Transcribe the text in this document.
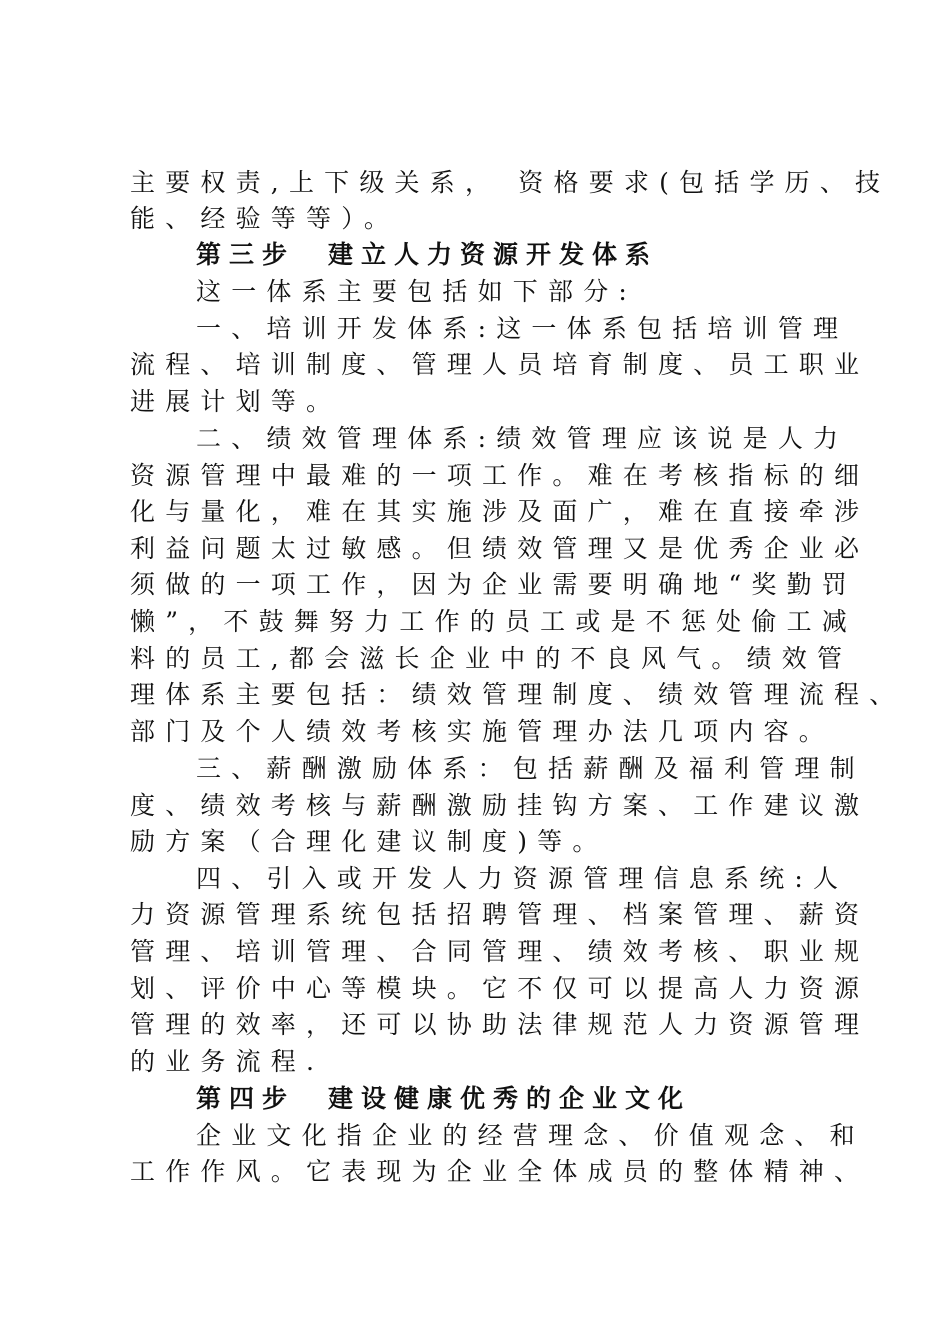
主要权责,上下级关系， 资格要求(包括学历、技
能、经验等等）。
第三步　建立人力资源开发体系
这一体系主要包括如下部分:
一、培训开发体系:这一体系包括培训管理
流程、培训制度、管理人员培育制度、员工职业
进展计划等。
二、绩效管理体系:绩效管理应该说是人力
资源管理中最难的一项工作。难在考核指标的细
化与量化，难在其实施涉及面广，难在直接牵涉
利益问题太过敏感。但绩效管理又是优秀企业必
须做的一项工作，因为企业需要明确地“奖勤罚
懒”，不鼓舞努力工作的员工或是不惩处偷工减
料的员工,都会滋长企业中的不良风气。绩效管
理体系主要包括：绩效管理制度、绩效管理流程、
部门及个人绩效考核实施管理办法几项内容。
三、薪酬激励体系：包括薪酬及福利管理制
度、绩效考核与薪酬激励挂钩方案、工作建议激
励方案（合理化建议制度)等。
四、引入或开发人力资源管理信息系统:人
力资源管理系统包括招聘管理、档案管理、薪资
管理、培训管理、合同管理、绩效考核、职业规
划、评价中心等模块。它不仅可以提高人力资源
管理的效率，还可以协助法律规范人力资源管理
的业务流程.
第四步　建设健康优秀的企业文化
企业文化指企业的经营理念、价值观念、和
工作作风。它表现为企业全体成员的整体精神、
